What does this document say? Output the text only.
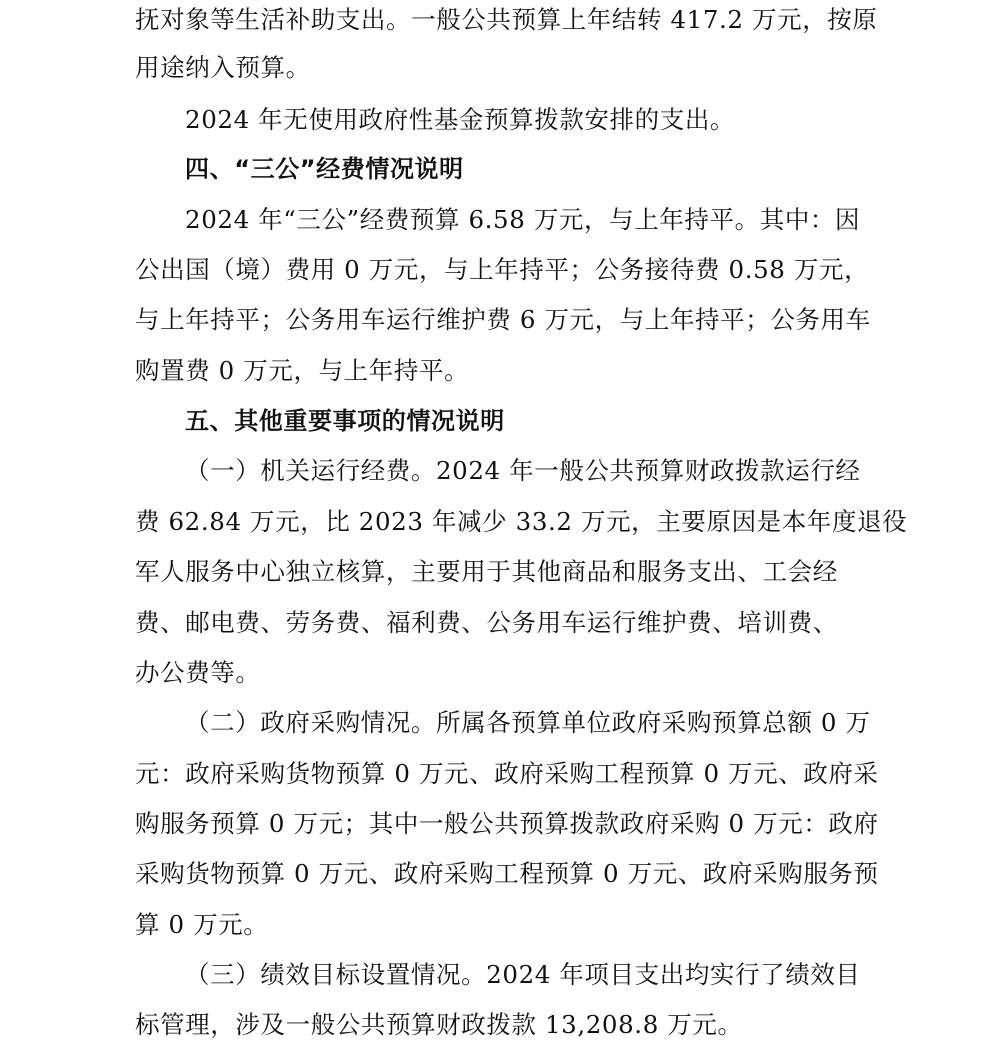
抚对象等生活补助支出。一般公共预算上年结转 417.2 万元，按原
用途纳入预算。
2024 年无使用政府性基金预算拨款安排的支出。
四、“三公”经费情况说明
2024 年“三公”经费预算 6.58 万元，与上年持平。其中：因
公出国（境）费用 0 万元，与上年持平；公务接待费 0.58 万元，
与上年持平；公务用车运行维护费 6 万元，与上年持平；公务用车
购置费 0 万元，与上年持平。
五、其他重要事项的情况说明
（一）机关运行经费。2024 年一般公共预算财政拨款运行经
费 62.84 万元，比 2023 年减少 33.2 万元，主要原因是本年度退役
军人服务中心独立核算，主要用于其他商品和服务支出、工会经
费、邮电费、劳务费、福利费、公务用车运行维护费、培训费、
办公费等。
（二）政府采购情况。所属各预算单位政府采购预算总额 0 万
元：政府采购货物预算 0 万元、政府采购工程预算 0 万元、政府采
购服务预算 0 万元；其中一般公共预算拨款政府采购 0 万元：政府
采购货物预算 0 万元、政府采购工程预算 0 万元、政府采购服务预
算 0 万元。
（三）绩效目标设置情况。2024 年项目支出均实行了绩效目
标管理，涉及一般公共预算财政拨款 13,208.8 万元。
